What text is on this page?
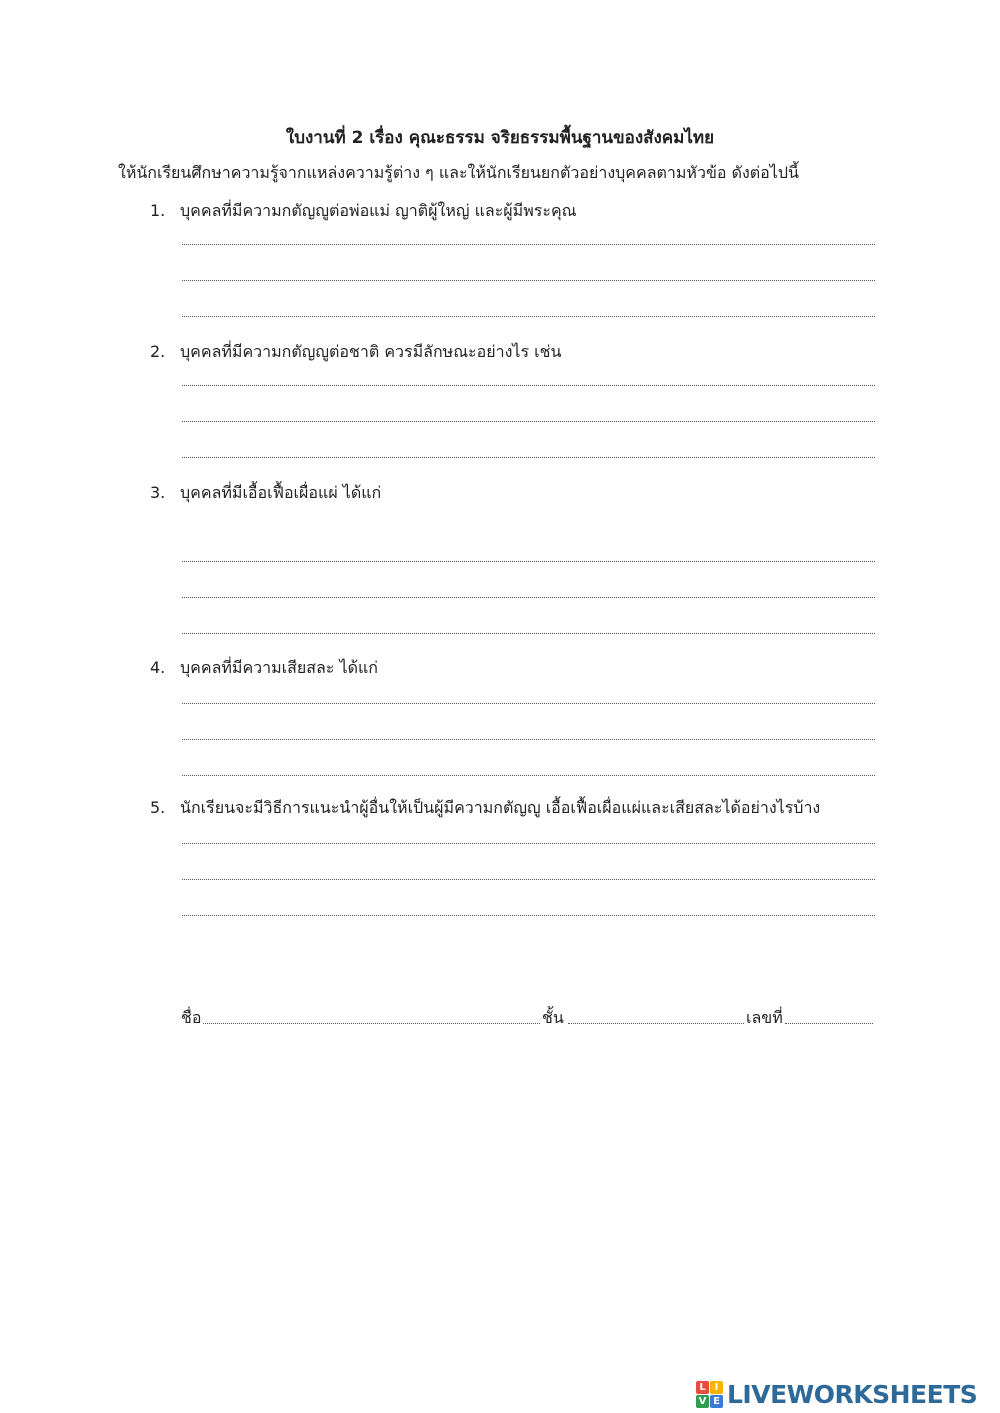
ใบงานที่ 2 เรื่อง คุณะธรรม จริยธรรมพื้นฐานของสังคมไทย
ให้นักเรียนศึกษาความรู้จากแหล่งความรู้ต่าง ๆ และให้นักเรียนยกตัวอย่างบุคคลตามหัวข้อ ดังต่อไปนี้
1. บุคคลที่มีความกตัญญูต่อพ่อแม่ ญาติผู้ใหญ่ และผู้มีพระคุณ
2. บุคคลที่มีความกตัญญูต่อชาติ ควรมีลักษณะอย่างไร เช่น
3. บุคคลที่มีเอื้อเฟื้อเผื่อแผ่ ได้แก่
4. บุคคลที่มีความเสียสละ ได้แก่
5. นักเรียนจะมีวิธีการแนะนำผู้อื่นให้เป็นผู้มีความกตัญญู เอื้อเฟื้อเผื่อแผ่และเสียสละได้อย่างไรบ้าง
ชื่อ	ชั้น	เลขที่
L I
V E LIVEWORKSHEETS
